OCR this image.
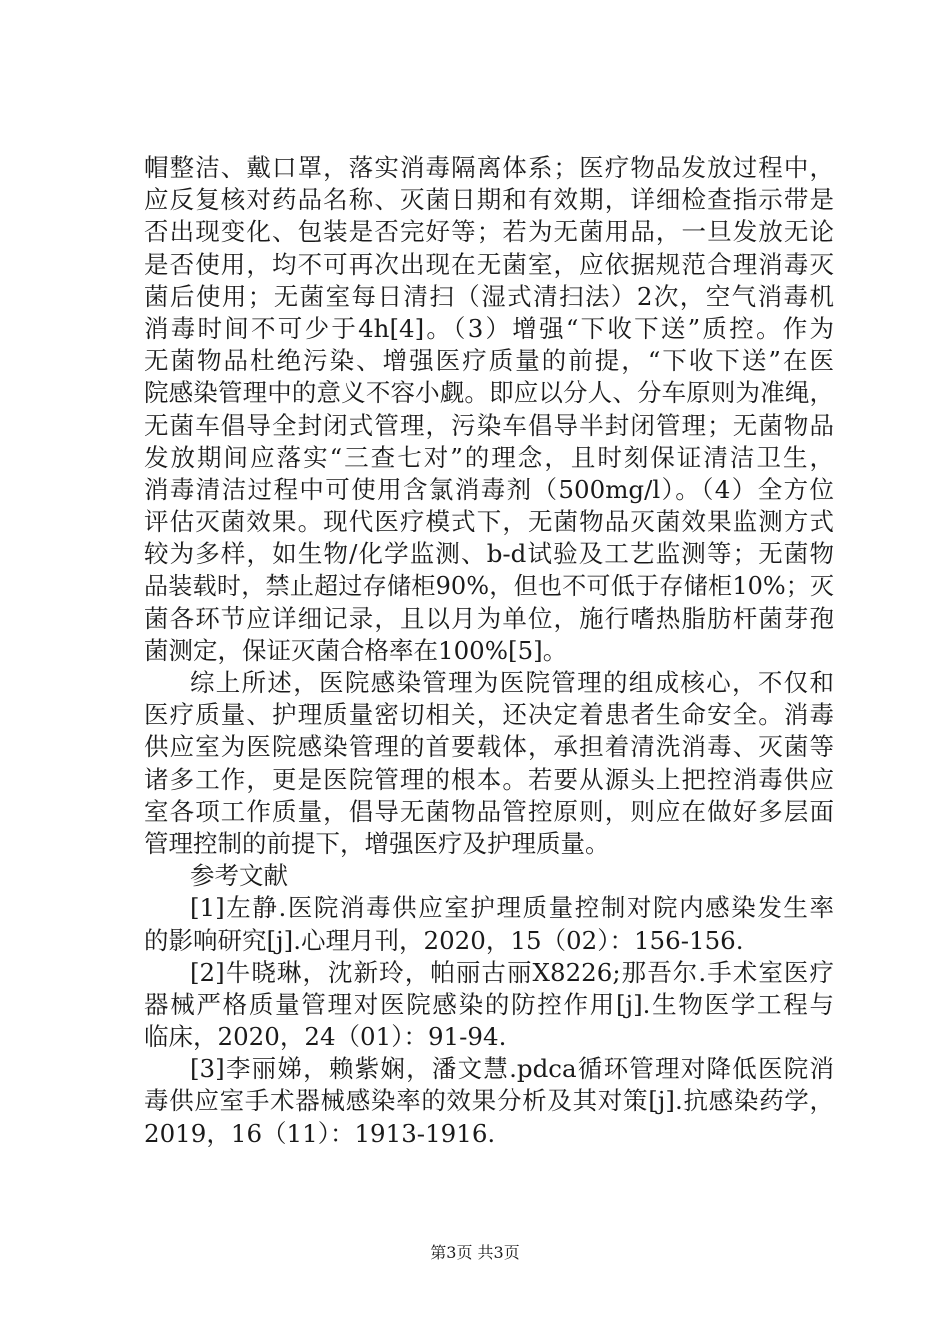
帽整洁、戴口罩，落实消毒隔离体系；医疗物品发放过程中，
应反复核对药品名称、灭菌日期和有效期，详细检查指示带是
否出现变化、包装是否完好等；若为无菌用品，一旦发放无论
是否使用，均不可再次出现在无菌室，应依据规范合理消毒灭
菌后使用；无菌室每日清扫（湿式清扫法）2次，空气消毒机
消毒时间不可少于4h[4]。（3）增强“下收下送”质控。作为
无菌物品杜绝污染、增强医疗质量的前提，“下收下送”在医
院感染管理中的意义不容小觑。即应以分人、分车原则为准绳，
无菌车倡导全封闭式管理，污染车倡导半封闭管理；无菌物品
发放期间应落实“三查七对”的理念，且时刻保证清洁卫生，
消毒清洁过程中可使用含氯消毒剂（500mg/l）。（4）全方位
评估灭菌效果。现代医疗模式下，无菌物品灭菌效果监测方式
较为多样，如生物/化学监测、b-d试验及工艺监测等；无菌物
品装载时，禁止超过存储柜90%，但也不可低于存储柜10%；灭
菌各环节应详细记录，且以月为单位，施行嗜热脂肪杆菌芽孢
菌测定，保证灭菌合格率在100%[5]。
综上所述，医院感染管理为医院管理的组成核心，不仅和
医疗质量、护理质量密切相关，还决定着患者生命安全。消毒
供应室为医院感染管理的首要载体，承担着清洗消毒、灭菌等
诸多工作，更是医院管理的根本。若要从源头上把控消毒供应
室各项工作质量，倡导无菌物品管控原则，则应在做好多层面
管理控制的前提下，增强医疗及护理质量。
参考文献
[1]左静.医院消毒供应室护理质量控制对院内感染发生率
的影响研究[j].心理月刊，2020，15（02）：156-156.
[2]牛晓琳，沈新玲，帕丽古丽X8226;那吾尔.手术室医疗
器械严格质量管理对医院感染的防控作用[j].生物医学工程与
临床，2020，24（01）：91-94.
[3]李丽娣，赖紫娴，潘文慧.pdca循环管理对降低医院消
毒供应室手术器械感染率的效果分析及其对策[j].抗感染药学，
2019，16（11）：1913-1916.
第3页 共3页
